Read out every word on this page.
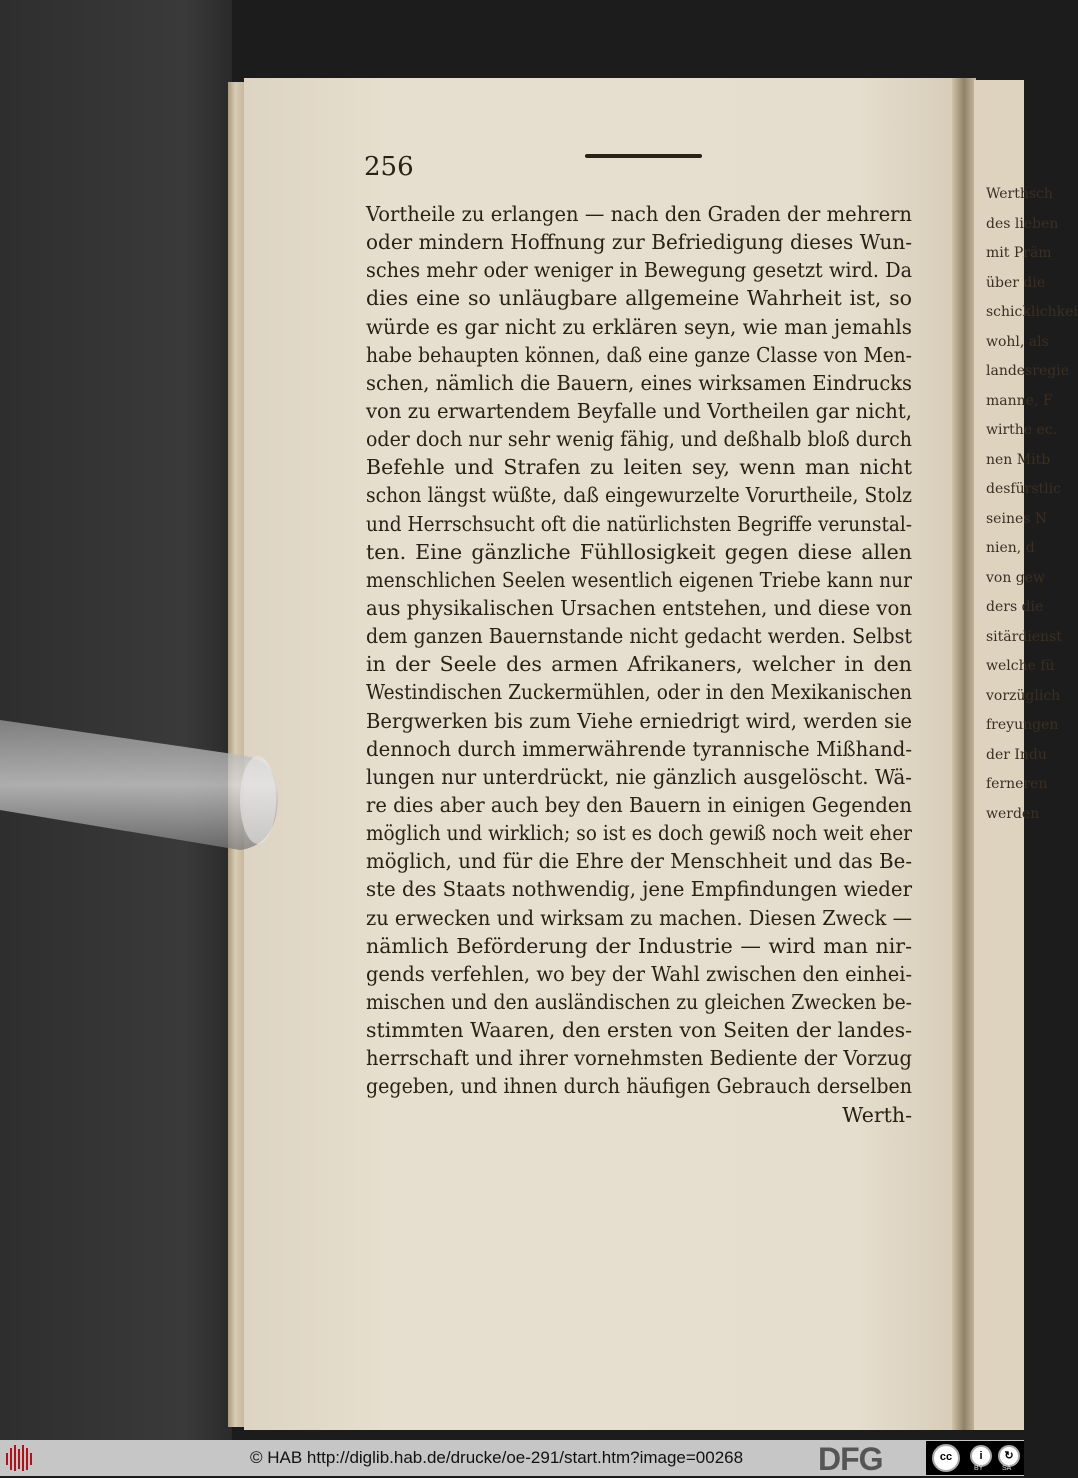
Werthsch
des lieben
mit Präm
über die
schicklichkei
wohl, als
landesregie
manne, F
wirthe ec.
nen Mitb
desfürstlic
seines N
nien, d
von gew
ders die
sitärdienst
welche fü
vorzüglich
freyungen
der Indu
ferneren
werden
256
Vortheile zu erlangen — nach den Graden der mehrern
oder mindern Hoffnung zur Befriedigung dieses Wun-
sches mehr oder weniger in Bewegung gesetzt wird. Da
dies eine so unläugbare allgemeine Wahrheit ist, so
würde es gar nicht zu erklären seyn, wie man jemahls
habe behaupten können, daß eine ganze Classe von Men-
schen, nämlich die Bauern, eines wirksamen Eindrucks
von zu erwartendem Beyfalle und Vortheilen gar nicht,
oder doch nur sehr wenig fähig, und deßhalb bloß durch
Befehle und Strafen zu leiten sey, wenn man nicht
schon längst wüßte, daß eingewurzelte Vorurtheile, Stolz
und Herrschsucht oft die natürlichsten Begriffe verunstal-
ten. Eine gänzliche Fühllosigkeit gegen diese allen
menschlichen Seelen wesentlich eigenen Triebe kann nur
aus physikalischen Ursachen entstehen, und diese von
dem ganzen Bauernstande nicht gedacht werden. Selbst
in der Seele des armen Afrikaners, welcher in den
Westindischen Zuckermühlen, oder in den Mexikanischen
Bergwerken bis zum Viehe erniedrigt wird, werden sie
dennoch durch immerwährende tyrannische Mißhand-
lungen nur unterdrückt, nie gänzlich ausgelöscht. Wä-
re dies aber auch bey den Bauern in einigen Gegenden
möglich und wirklich; so ist es doch gewiß noch weit eher
möglich, und für die Ehre der Menschheit und das Be-
ste des Staats nothwendig, jene Empfindungen wieder
zu erwecken und wirksam zu machen. Diesen Zweck —
nämlich Beförderung der Industrie — wird man nir-
gends verfehlen, wo bey der Wahl zwischen den einhei-
mischen und den ausländischen zu gleichen Zwecken be-
stimmten Waaren, den ersten von Seiten der landes-
herrschaft und ihrer vornehmsten Bediente der Vorzug
gegeben, und ihnen durch häufigen Gebrauch derselben
Werth-
© HAB http://diglib.hab.de/drucke/oe-291/start.htm?image=00268 DFG	cc	i	↻
BY	SA
